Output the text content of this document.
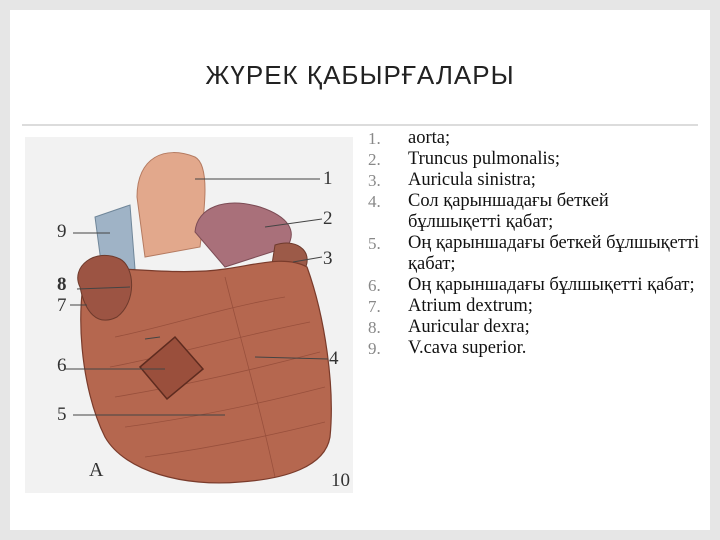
ЖҮРЕК ҚАБЫРҒАЛАРЫ
1
2
3
4
5
6
7
8
9
10
A
1. aorta;
2. Truncus pulmonalis;
3. Auricula sinistra;
4. Сол қарыншадағы беткей бұлшықетті қабат;
5. Оң қарыншадағы беткей бұлшықетті қабат;
6. Оң қарыншадағы бұлшықетті қабат;
7. Atrium dextrum;
8. Auricular dexra;
9. V.cava superior.
